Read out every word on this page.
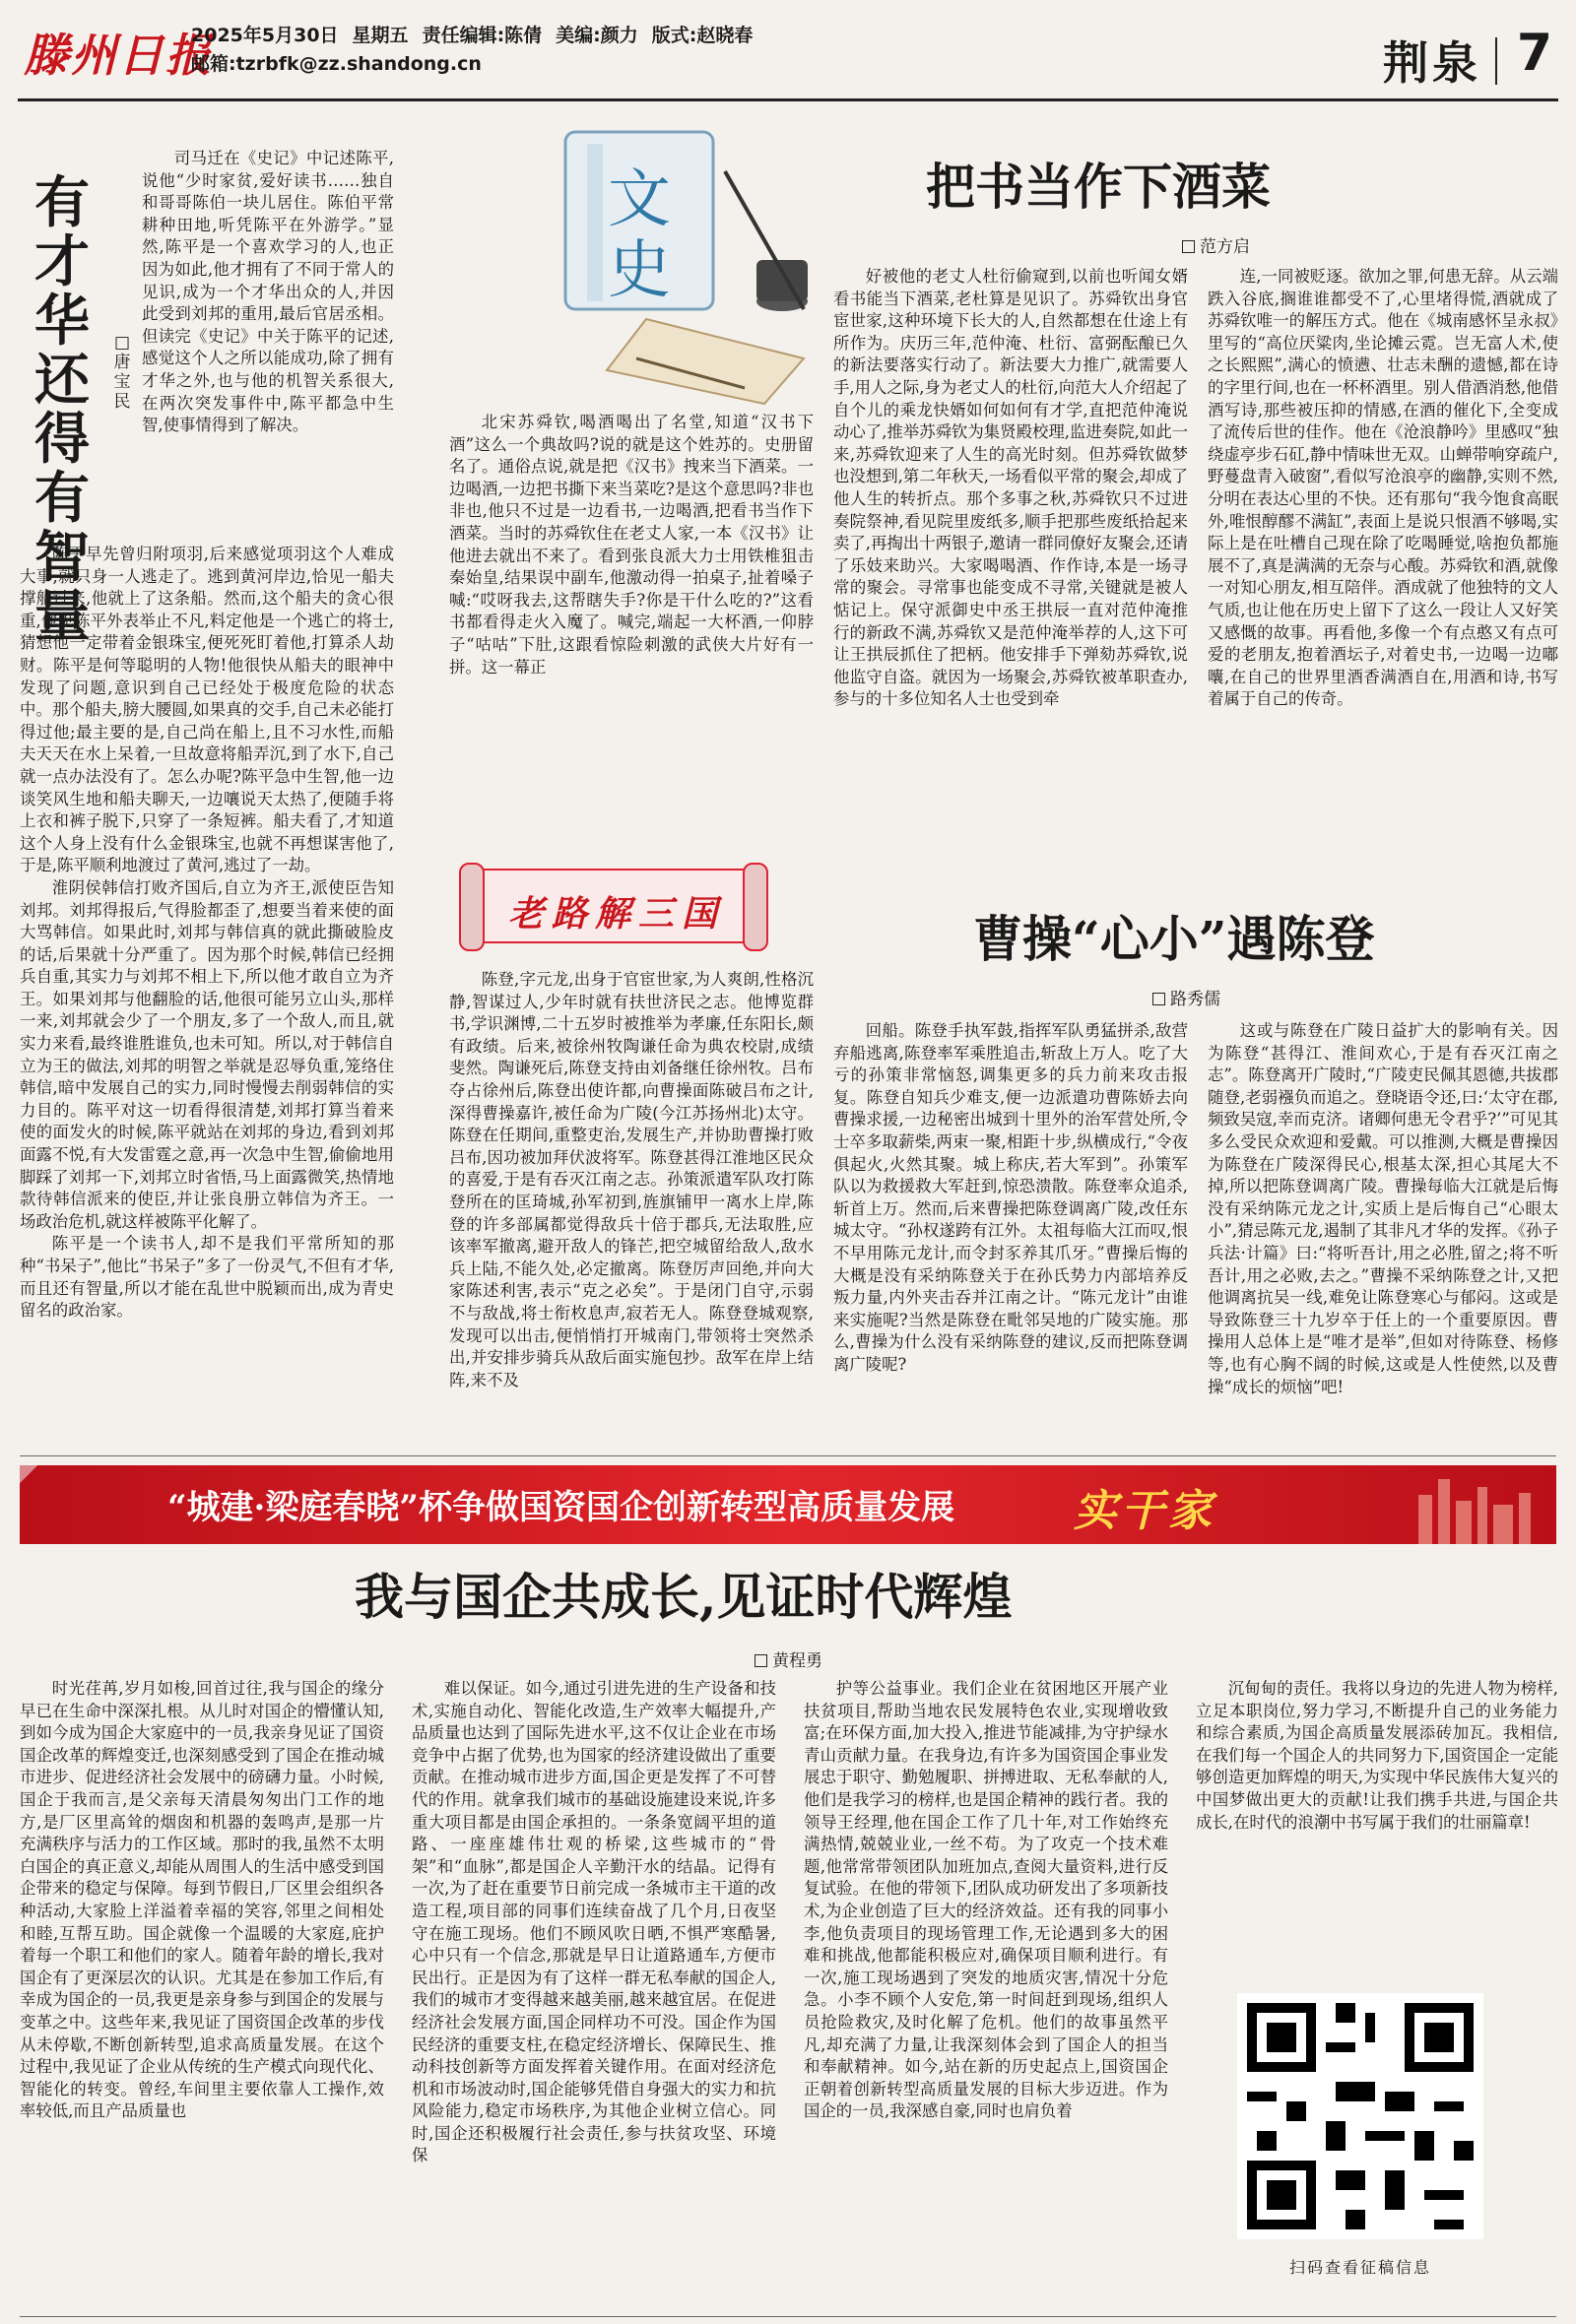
滕州日报
2025年5月30日 星期五 责任编辑:陈倩 美编:颜力 版式:赵晓春
邮箱:tzrbfk@zz.shandong.cn	荆泉 7
有才华还得有智量
□唐宝民

司马迁在《史记》中记述陈平,说他“少时家贫,爱好读书……独自和哥哥陈伯一块儿居住。陈伯平常耕种田地,听凭陈平在外游学。”显然,陈平是一个喜欢学习的人,也正因为如此,他才拥有了不同于常人的见识,成为一个才华出众的人,并因此受到刘邦的重用,最后官居丞相。但读完《史记》中关于陈平的记述,感觉这个人之所以能成功,除了拥有才华之外,也与他的机智关系很大,在两次突发事件中,陈平都急中生智,使事情得到了解决。

陈平早先曾归附项羽,后来感觉项羽这个人难成大事,就只身一人逃走了。逃到黄河岸边,恰见一船夫撑船过来,他就上了这条船。然而,这个船夫的贪心很重,他见陈平外表举止不凡,料定他是一个逃亡的将士,猜想他一定带着金银珠宝,便死死盯着他,打算杀人劫财。陈平是何等聪明的人物!他很快从船夫的眼神中发现了问题,意识到自己已经处于极度危险的状态中。那个船夫,膀大腰圆,如果真的交手,自己未必能打得过他;最主要的是,自己尚在船上,且不习水性,而船夫天天在水上呆着,一旦故意将船弄沉,到了水下,自己就一点办法没有了。怎么办呢?陈平急中生智,他一边谈笑风生地和船夫聊天,一边嚷说天太热了,便随手将上衣和裤子脱下,只穿了一条短裤。船夫看了,才知道这个人身上没有什么金银珠宝,也就不再想谋害他了,于是,陈平顺利地渡过了黄河,逃过了一劫。

淮阴侯韩信打败齐国后,自立为齐王,派使臣告知刘邦。刘邦得报后,气得脸都歪了,想要当着来使的面大骂韩信。如果此时,刘邦与韩信真的就此撕破脸皮的话,后果就十分严重了。因为那个时候,韩信已经拥兵自重,其实力与刘邦不相上下,所以他才敢自立为齐王。如果刘邦与他翻脸的话,他很可能另立山头,那样一来,刘邦就会少了一个朋友,多了一个敌人,而且,就实力来看,最终谁胜谁负,也未可知。所以,对于韩信自立为王的做法,刘邦的明智之举就是忍辱负重,笼络住韩信,暗中发展自己的实力,同时慢慢去削弱韩信的实力目的。陈平对这一切看得很清楚,刘邦打算当着来使的面发火的时候,陈平就站在刘邦的身边,看到刘邦面露不悦,有大发雷霆之意,再一次急中生智,偷偷地用脚踩了刘邦一下,刘邦立时省悟,马上面露微笑,热情地款待韩信派来的使臣,并让张良册立韩信为齐王。一场政治危机,就这样被陈平化解了。

陈平是一个读书人,却不是我们平常所知的那种“书呆子”,他比“书呆子”多了一份灵气,不但有才华,而且还有智量,所以才能在乱世中脱颖而出,成为青史留名的政治家。

文
史
把书当作下酒菜
范方启

北宋苏舜钦,喝酒喝出了名堂,知道“汉书下酒”这么一个典故吗?说的就是这个姓苏的。史册留名了。通俗点说,就是把《汉书》拽来当下酒菜。一边喝酒,一边把书撕下来当菜吃?是这个意思吗?非也非也,他只不过是一边看书,一边喝酒,把看书当作下酒菜。当时的苏舜钦住在老丈人家,一本《汉书》让他进去就出不来了。看到张良派大力士用铁椎狙击秦始皇,结果误中副车,他激动得一拍桌子,扯着嗓子喊:“哎呀我去,这帮瞎失手?你是干什么吃的?”这看书都看得走火入魔了。喊完,端起一大杯酒,一仰脖子“咕咕”下肚,这跟看惊险刺激的武侠大片好有一拼。这一幕正

好被他的老丈人杜衍偷窥到,以前也听闻女婿看书能当下酒菜,老杜算是见识了。苏舜钦出身官宦世家,这种环境下长大的人,自然都想在仕途上有所作为。庆历三年,范仲淹、杜衍、富弼酝酿已久的新法要落实行动了。新法要大力推广,就需要人手,用人之际,身为老丈人的杜衍,向范大人介绍起了自个儿的乘龙快婿如何如何有才学,直把范仲淹说动心了,推举苏舜钦为集贤殿校理,监进奏院,如此一来,苏舜钦迎来了人生的高光时刻。但苏舜钦做梦也没想到,第二年秋天,一场看似平常的聚会,却成了他人生的转折点。那个多事之秋,苏舜钦只不过进奏院祭神,看见院里废纸多,顺手把那些废纸拾起来卖了,再掏出十两银子,邀请一群同僚好友聚会,还请了乐妓来助兴。大家喝喝酒、作作诗,本是一场寻常的聚会。寻常事也能变成不寻常,关键就是被人惦记上。保守派御史中丞王拱辰一直对范仲淹推行的新政不满,苏舜钦又是范仲淹举荐的人,这下可让王拱辰抓住了把柄。他安排手下弹劾苏舜钦,说他监守自盗。就因为一场聚会,苏舜钦被革职查办,参与的十多位知名人士也受到牵

连,一同被贬逐。欲加之罪,何患无辞。从云端跌入谷底,搁谁谁都受不了,心里堵得慌,酒就成了苏舜钦唯一的解压方式。他在《城南感怀呈永叔》里写的“高位厌粱肉,坐论摊云霓。岂无富人术,使之长熙熙”,满心的愤懑、壮志未酬的遗憾,都在诗的字里行间,也在一杯杯酒里。别人借酒消愁,他借酒写诗,那些被压抑的情感,在酒的催化下,全变成了流传后世的佳作。他在《沧浪静吟》里感叹“独绕虚亭步石矼,静中情味世无双。山蝉带响穿疏户,野蔓盘青入破窗”,看似写沧浪亭的幽静,实则不然,分明在表达心里的不快。还有那句“我今饱食高眠外,唯恨醇醪不满缸”,表面上是说只恨酒不够喝,实际上是在吐槽自己现在除了吃喝睡觉,啥抱负都施展不了,真是满满的无奈与心酸。苏舜钦和酒,就像一对知心朋友,相互陪伴。酒成就了他独特的文人气质,也让他在历史上留下了这么一段让人又好笑又感慨的故事。再看他,多像一个有点憨又有点可爱的老朋友,抱着酒坛子,对着史书,一边喝一边嘟囔,在自己的世界里酒香满酒自在,用酒和诗,书写着属于自己的传奇。

老路解三国	曹操“心小”遇陈登
路秀儒

陈登,字元龙,出身于官宦世家,为人爽朗,性格沉静,智谋过人,少年时就有扶世济民之志。他博览群书,学识渊博,二十五岁时被推举为孝廉,任东阳长,颇有政绩。后来,被徐州牧陶谦任命为典农校尉,成绩斐然。陶谦死后,陈登支持由刘备继任徐州牧。吕布夺占徐州后,陈登出使许都,向曹操面陈破吕布之计,深得曹操嘉许,被任命为广陵(今江苏扬州北)太守。陈登在任期间,重整吏治,发展生产,并协助曹操打败吕布,因功被加拜伏波将军。陈登甚得江淮地区民众的喜爱,于是有吞灭江南之志。孙策派遣军队攻打陈登所在的匡琦城,孙军初到,旌旗铺甲一离水上岸,陈登的许多部属都觉得敌兵十倍于郡兵,无法取胜,应该率军撤离,避开敌人的锋芒,把空城留给敌人,敌水兵上陆,不能久处,必定撤离。陈登厉声回绝,并向大家陈述利害,表示“克之必矣”。于是闭门自守,示弱不与敌战,将士衔枚息声,寂若无人。陈登登城观察,发现可以出击,便悄悄打开城南门,带领将士突然杀出,并安排步骑兵从敌后面实施包抄。敌军在岸上结阵,来不及

回船。陈登手执军鼓,指挥军队勇猛拼杀,敌营弃船逃离,陈登率军乘胜追击,斩敌上万人。吃了大亏的孙策非常恼怒,调集更多的兵力前来攻击报复。陈登自知兵少难支,便一边派遣功曹陈娇去向曹操求援,一边秘密出城到十里外的治军营处所,令士卒多取薪柴,两束一聚,相距十步,纵横成行,“令夜俱起火,火然其聚。城上称庆,若大军到”。孙策军队以为救援救大军赶到,惊恐溃散。陈登率众追杀,斩首上万。然而,后来曹操把陈登调离广陵,改任东城太守。“孙权遂跨有江外。太祖每临大江而叹,恨不早用陈元龙计,而令封豕养其爪牙。”曹操后悔的大概是没有采纳陈登关于在孙氏势力内部培养反叛力量,内外夹击吞并江南之计。“陈元龙计”由谁来实施呢?当然是陈登在毗邻吴地的广陵实施。那么,曹操为什么没有采纳陈登的建议,反而把陈登调离广陵呢?

这或与陈登在广陵日益扩大的影响有关。因为陈登“甚得江、淮间欢心,于是有吞灭江南之志”。陈登离开广陵时,“广陵吏民佩其恩德,共拔郡随登,老弱襁负而追之。登晓语令还,曰:‘太守在郡,频致吴寇,幸而克济。诸卿何患无令君乎?’”可见其多么受民众欢迎和爱戴。可以推测,大概是曹操因为陈登在广陵深得民心,根基太深,担心其尾大不掉,所以把陈登调离广陵。曹操每临大江就是后悔没有采纳陈元龙之计,实质上是后悔自己“心眼太小”,猜忌陈元龙,遏制了其非凡才华的发挥。《孙子兵法·计篇》曰:“将听吾计,用之必胜,留之;将不听吾计,用之必败,去之。”曹操不采纳陈登之计,又把他调离抗吴一线,难免让陈登寒心与郁闷。这或是导致陈登三十九岁卒于任上的一个重要原因。曹操用人总体上是“唯才是举”,但如对待陈登、杨修等,也有心胸不阔的时候,这或是人性使然,以及曹操“成长的烦恼”吧!

“城建·梁庭春晓”杯争做国资国企创新转型高质量发展	实干家
我与国企共成长,见证时代辉煌
黄程勇

时光荏苒,岁月如梭,回首过往,我与国企的缘分早已在生命中深深扎根。从儿时对国企的懵懂认知,到如今成为国企大家庭中的一员,我亲身见证了国资国企改革的辉煌变迁,也深刻感受到了国企在推动城市进步、促进经济社会发展中的磅礴力量。小时候,国企于我而言,是父亲每天清晨匆匆出门工作的地方,是厂区里高耸的烟囱和机器的轰鸣声,是那一片充满秩序与活力的工作区域。那时的我,虽然不太明白国企的真正意义,却能从周围人的生活中感受到国企带来的稳定与保障。每到节假日,厂区里会组织各种活动,大家脸上洋溢着幸福的笑容,邻里之间相处和睦,互帮互助。国企就像一个温暖的大家庭,庇护着每一个职工和他们的家人。随着年龄的增长,我对国企有了更深层次的认识。尤其是在参加工作后,有幸成为国企的一员,我更是亲身参与到国企的发展与变革之中。这些年来,我见证了国资国企改革的步伐从未停歇,不断创新转型,追求高质量发展。在这个过程中,我见证了企业从传统的生产模式向现代化、智能化的转变。曾经,车间里主要依靠人工操作,效率较低,而且产品质量也

难以保证。如今,通过引进先进的生产设备和技术,实施自动化、智能化改造,生产效率大幅提升,产品质量也达到了国际先进水平,这不仅让企业在市场竞争中占据了优势,也为国家的经济建设做出了重要贡献。在推动城市进步方面,国企更是发挥了不可替代的作用。就拿我们城市的基础设施建设来说,许多重大项目都是由国企承担的。一条条宽阔平坦的道路、一座座雄伟壮观的桥梁,这些城市的“骨架”和“血脉”,都是国企人辛勤汗水的结晶。记得有一次,为了赶在重要节日前完成一条城市主干道的改造工程,项目部的同事们连续奋战了几个月,日夜坚守在施工现场。他们不顾风吹日晒,不惧严寒酷暑,心中只有一个信念,那就是早日让道路通车,方便市民出行。正是因为有了这样一群无私奉献的国企人,我们的城市才变得越来越美丽,越来越宜居。在促进经济社会发展方面,国企同样功不可没。国企作为国民经济的重要支柱,在稳定经济增长、保障民生、推动科技创新等方面发挥着关键作用。在面对经济危机和市场波动时,国企能够凭借自身强大的实力和抗风险能力,稳定市场秩序,为其他企业树立信心。同时,国企还积极履行社会责任,参与扶贫攻坚、环境保

护等公益事业。我们企业在贫困地区开展产业扶贫项目,帮助当地农民发展特色农业,实现增收致富;在环保方面,加大投入,推进节能减排,为守护绿水青山贡献力量。在我身边,有许多为国资国企事业发展忠于职守、勤勉履职、拼搏进取、无私奉献的人,他们是我学习的榜样,也是国企精神的践行者。我的领导王经理,他在国企工作了几十年,对工作始终充满热情,兢兢业业,一丝不苟。为了攻克一个技术难题,他常常带领团队加班加点,查阅大量资料,进行反复试验。在他的带领下,团队成功研发出了多项新技术,为企业创造了巨大的经济效益。还有我的同事小李,他负责项目的现场管理工作,无论遇到多大的困难和挑战,他都能积极应对,确保项目顺利进行。有一次,施工现场遇到了突发的地质灾害,情况十分危急。小李不顾个人安危,第一时间赶到现场,组织人员抢险救灾,及时化解了危机。他们的故事虽然平凡,却充满了力量,让我深刻体会到了国企人的担当和奉献精神。如今,站在新的历史起点上,国资国企正朝着创新转型高质量发展的目标大步迈进。作为国企的一员,我深感自豪,同时也肩负着

沉甸甸的责任。我将以身边的先进人物为榜样,立足本职岗位,努力学习,不断提升自己的业务能力和综合素质,为国企高质量发展添砖加瓦。我相信,在我们每一个国企人的共同努力下,国资国企一定能够创造更加辉煌的明天,为实现中华民族伟大复兴的中国梦做出更大的贡献!让我们携手共进,与国企共成长,在时代的浪潮中书写属于我们的壮丽篇章!

扫码查看征稿信息
